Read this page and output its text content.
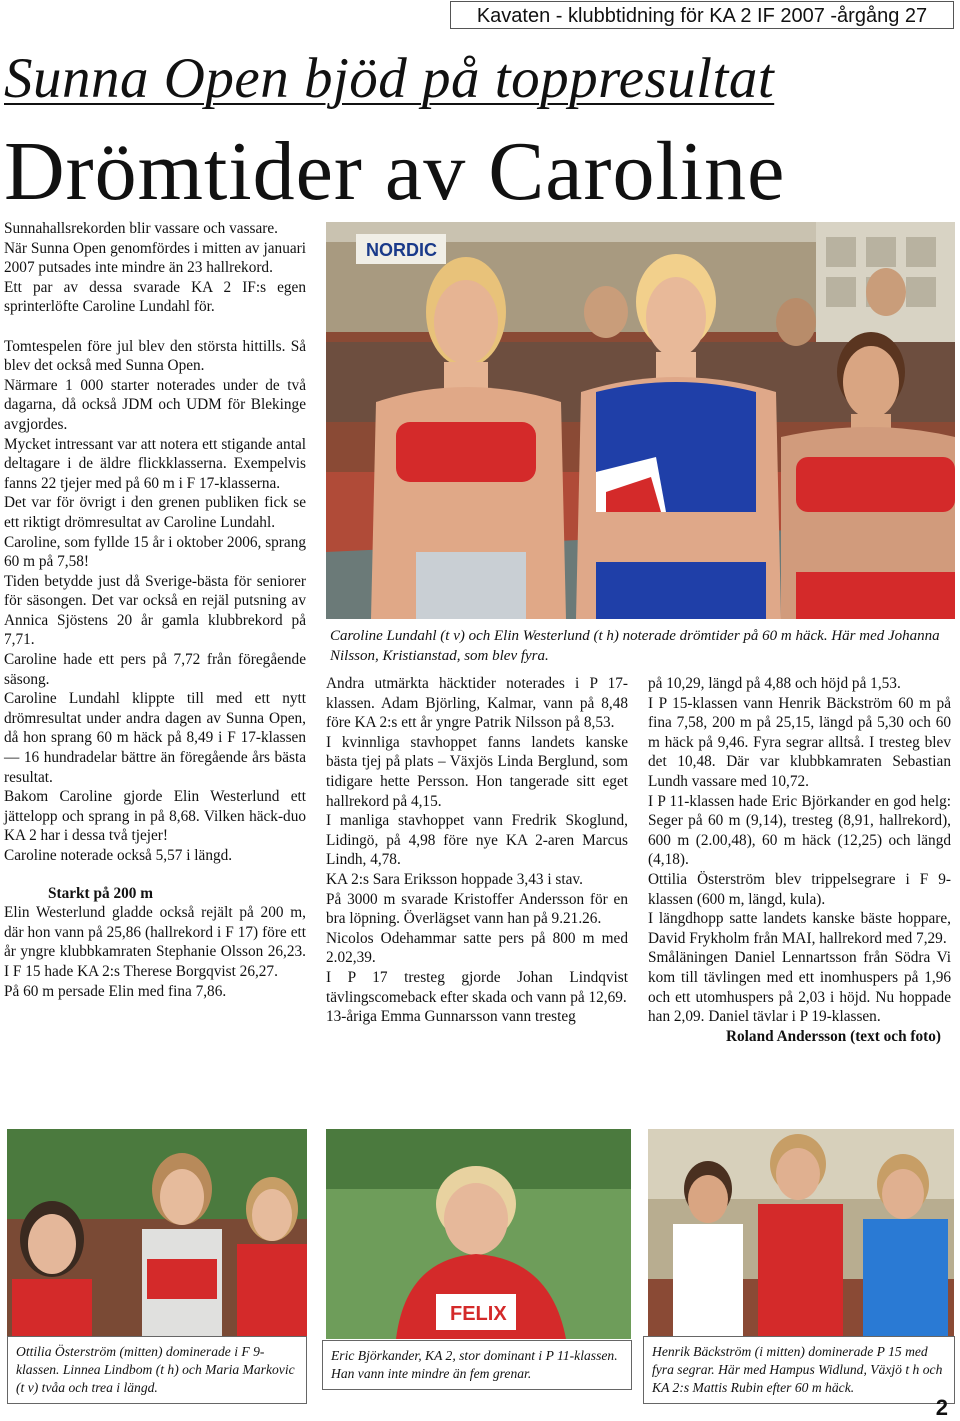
Kavaten - klubbtidning för KA 2 IF 2007 -årgång 27
Sunna Open bjöd på toppresultat
Drömtider av Caroline

Sunnahallsrekorden blir vassare och vassare.

När Sunna Open genomfördes i mitten av januari 2007 putsades inte mindre än 23 hallrekord.

Ett par av dessa svarade KA 2 IF:s egen sprinterlöfte Caroline Lundahl för.

Tomtespelen före jul blev den största hittills. Så blev det också med Sunna Open.

Närmare 1 000 starter noterades under de två dagarna, då också JDM och UDM för Blekinge avgjordes.

Mycket intressant var att notera ett stigande antal deltagare i de äldre flickklasserna. Exempelvis fanns 22 tjejer med på 60 m i F 17-klasserna.

Det var för övrigt i den grenen publiken fick se ett riktigt drömresultat av Caroline Lundahl.

Caroline, som fyllde 15 år i oktober 2006, sprang 60 m på 7,58!

Tiden betydde just då Sverige-bästa för seniorer för säsongen. Det var också en rejäl putsning av Annica Sjöstens 20 år gamla klubbrekord på 7,71.

Caroline hade ett pers på 7,72 från föregående säsong.

Caroline Lundahl klippte till med ett nytt drömresultat under andra dagen av Sunna Open, då hon sprang 60 m häck på 8,49 i F 17-klassen — 16 hundradelar bättre än föregående års bästa resultat.

Bakom Caroline gjorde Elin Westerlund ett jättelopp och sprang in på 8,68. Vilken häck-duo KA 2 har i dessa två tjejer!

Caroline noterade också 5,57 i längd.

Starkt på 200 m

Elin Westerlund gladde också rejält på 200 m, där hon vann på 25,86 (hallrekord i F 17) före ett år yngre klubbkamraten Stephanie Olsson 26,23. I F 15 hade KA 2:s Therese Borgqvist 26,27.

På 60 m persade Elin med fina 7,86.

NORDIC
Caroline Lundahl (t v) och Elin Westerlund (t h) noterade drömtider på 60 m häck. Här med Johanna Nilsson, Kristianstad, som blev fyra.

Andra utmärkta häcktider noterades i P 17-klassen. Adam Björling, Kalmar, vann på 8,48 före KA 2:s ett år yngre Patrik Nilsson på 8,53.

I kvinnliga stavhoppet fanns landets kanske bästa tjej på plats – Växjös Linda Berglund, som tidigare hette Persson. Hon tangerade sitt eget hallrekord på 4,15.

I manliga stavhoppet vann Fredrik Skoglund, Lidingö, på 4,98 före nye KA 2-aren Marcus Lindh, 4,78.

KA 2:s Sara Eriksson hoppade 3,43 i stav.

På 3000 m svarade Kristoffer Andersson för en bra löpning. Överlägset vann han på 9.21.26.

Nicolos Odehammar satte pers på 800 m med 2.02,39.

I P 17 tresteg gjorde Johan Lindqvist tävlingscomeback efter skada och vann på 12,69.

13-åriga Emma Gunnarsson vann tresteg

på 10,29, längd på 4,88 och höjd på 1,53.

I P 15-klassen vann Henrik Bäckström 60 m på fina 7,58, 200 m på 25,15, längd på 5,30 och 60 m häck på 9,46. Fyra segrar alltså. I tresteg blev det 10,48. Där var klubbkamraten Sebastian Lundh vassare med 10,72.

I P 11-klassen hade Eric Björkander en god helg: Seger på 60 m (9,14), tresteg (8,91, hallrekord), 600 m (2.00,48), 60 m häck (12,25) och längd (4,18).

Ottilia Österström blev trippelsegrare i F 9-klassen (600 m, längd, kula).

I längdhopp satte landets kanske bäste hoppare, David Frykholm från MAI, hallrekord med 7,29.

Småläningen Daniel Lennartsson från Södra Vi kom till tävlingen med ett inomhuspers på 1,96 och ett utomhuspers på 2,03 i höjd. Nu hoppade han 2,09. Daniel tävlar i P 19-klassen.

Roland Andersson (text och foto)

FELIX
Ottilia Österström (mitten) dominerade i F 9-klassen. Linnea Lindbom (t h) och Maria Markovic (t v) tvåa och trea i längd.
Eric Björkander, KA 2, stor dominant i P 11-klassen. Han vann inte mindre än fem grenar.
Henrik Bäckström (i mitten) dominerade P 15 med fyra segrar. Här med Hampus Widlund, Växjö t h och KA 2:s Mattis Rubin efter 60 m häck.
2
